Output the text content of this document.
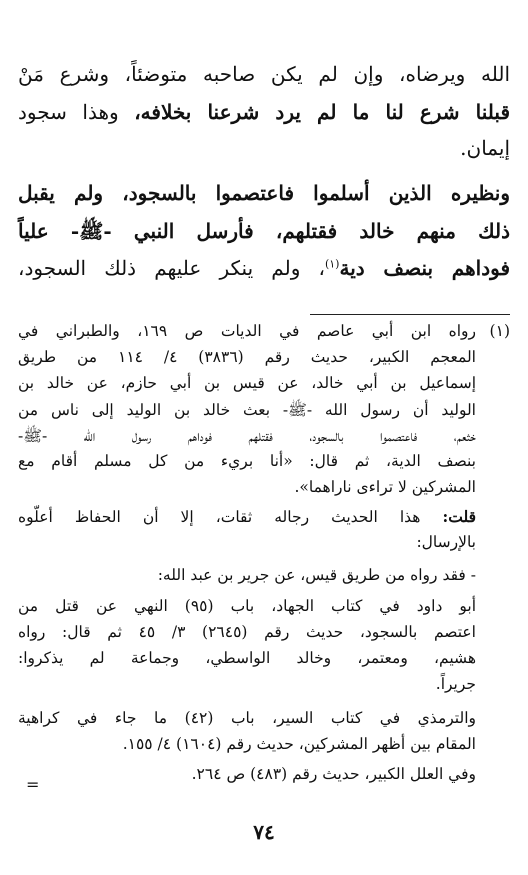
الله ويرضاه، وإن لم يكن صاحبه متوضئاً، وشرع مَنْ
قبلنا شرع لنا ما لم يرد شرعنا بخلافه، وهذا سجود
إيمان.
ونظيره الذين أسلموا فاعتصموا بالسجود، ولم يقبل
ذلك منهم خالد فقتلهم، فأرسل النبي -ﷺ- علياً
فوداهم بنصف دية$^{(١)}$، ولم ينكر عليهم ذلك السجود،
(١)
رواه ابن أبي عاصم في الديات ص ١٦٩، والطبراني في
المعجم الكبير، حديث رقم (٣٨٣٦) ٤/ ١١٤ من طريق
إسماعيل بن أبي خالد، عن قيس بن أبي حازم، عن خالد بن
الوليد أن رسول الله -ﷺ- بعث خالد بن الوليد إلى ناس من
خثعم، فاعتصموا بالسجود، فقتلهم فوداهم رسول الله -ﷺ-
بنصف الدية، ثم قال: «أنا بريء من كل مسلم أقام مع
المشركين لا تراءى ناراهما».
قلت: هذا الحديث رجاله ثقات، إلا أن الحفاظ أعلّوه
بالإرسال:
- فقد رواه من طريق قيس، عن جرير بن عبد الله:
أبو داود في كتاب الجهاد، باب (٩٥) النهي عن قتل من
اعتصم بالسجود، حديث رقم (٢٦٤٥) ٣/ ٤٥ ثم قال: رواه
هشيم، ومعتمر، وخالد الواسطي، وجماعة لم يذكروا:
جريراً.
والترمذي في كتاب السير، باب (٤٢) ما جاء في كراهية
المقام بين أظهر المشركين، حديث رقم (١٦٠٤) ٤/ ١٥٥.
وفي العلل الكبير، حديث رقم (٤٨٣) ص ٢٦٤.
=
٧٤
